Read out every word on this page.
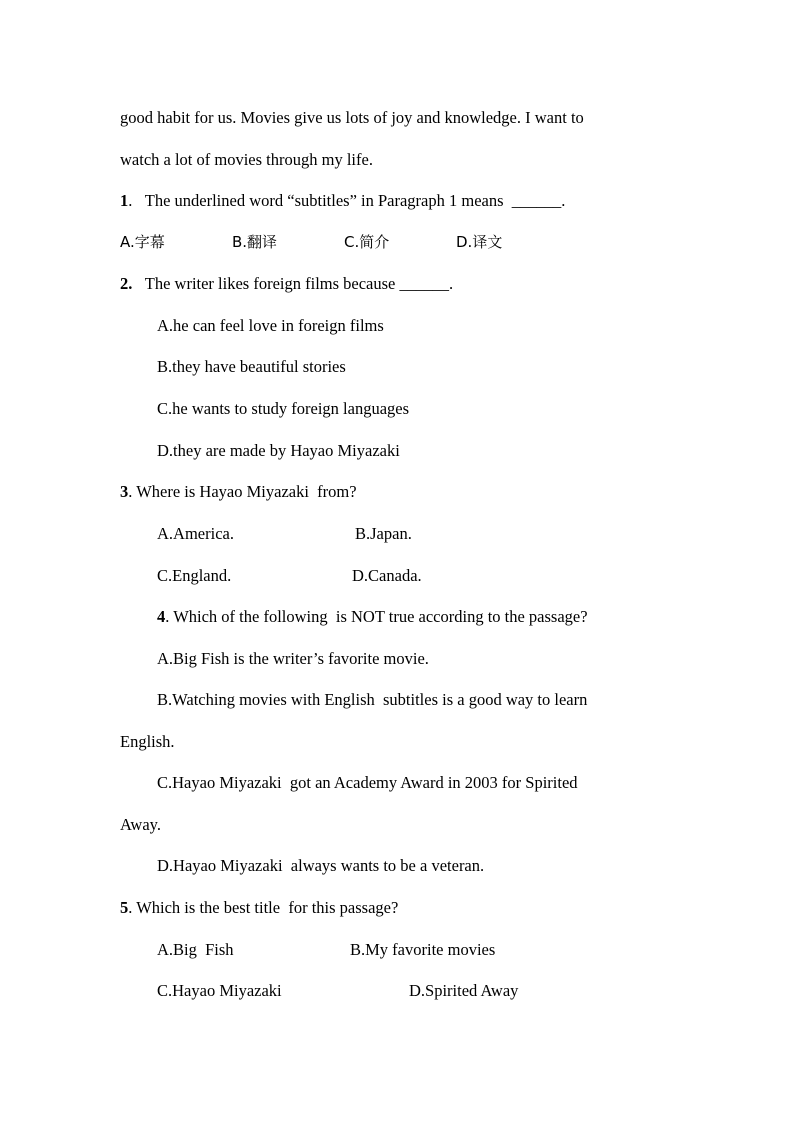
good habit for us. Movies give us lots of joy and knowledge. I want to
watch a lot of movies through my life.
1.   The underlined word “subtitles” in Paragraph 1 means  ______.
A.字幕	B.翻译	C.简介	D.译文
2. The writer likes foreign films because ______.
A.he can feel love in foreign films
B.they have beautiful stories
C.he wants to study foreign languages
D.they are made by Hayao Miyazaki
3. Where is Hayao Miyazaki  from?
A.America.	B.Japan.
C.England.	D.Canada.
4. Which of the following  is NOT true according to the passage?
A.Big Fish is the writer’s favorite movie.
B.Watching movies with English  subtitles is a good way to learn
English.
C.Hayao Miyazaki  got an Academy Award in 2003 for Spirited
Away.
D.Hayao Miyazaki  always wants to be a veteran.
5. Which is the best title  for this passage?
A.Big  Fish	B.My favorite movies
C.Hayao Miyazaki	D.Spirited Away
